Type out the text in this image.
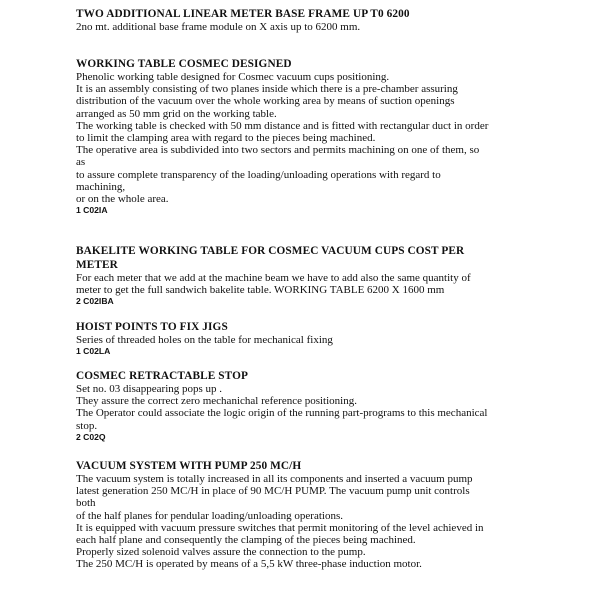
TWO ADDITIONAL LINEAR METER BASE FRAME UP T0 6200

2no mt. additional base frame module on X axis up to 6200 mm.

WORKING TABLE COSMEC DESIGNED

Phenolic working table designed for Cosmec vacuum cups positioning.

It is an assembly consisting of two planes inside which there is a pre-chamber assuring

distribution of the vacuum over the whole working area by means of suction openings

arranged as 50 mm grid on the working table.

The working table is checked with 50 mm distance and is fitted with rectangular duct in order

to limit the clamping area with regard to the pieces being machined.

The operative area is subdivided into two sectors and permits machining on one of them, so

as

to assure complete transparency of the loading/unloading operations with regard to

machining,

or on the whole area.

1 C02IA

BAKELITE WORKING TABLE FOR COSMEC VACUUM CUPS COST PER

METER

For each meter that we add at the machine beam we have to add also the same quantity of

meter to get the full sandwich bakelite table. WORKING TABLE 6200 X 1600 mm

2 C02IBA

HOIST POINTS TO FIX JIGS

Series of threaded holes on the table for mechanical fixing

1 C02LA

COSMEC RETRACTABLE STOP

Set no. 03 disappearing pops up .

They assure the correct zero mechanichal reference positioning.

The Operator could associate the logic origin of the running part-programs to this mechanical

stop.

2 C02Q

VACUUM SYSTEM WITH PUMP 250 MC/H

The vacuum system is totally increased in all its components and inserted a vacuum pump

latest generation 250 MC/H in place of 90 MC/H PUMP. The vacuum pump unit controls

both

of the half planes for pendular loading/unloading operations.

It is equipped with vacuum pressure switches that permit monitoring of the level achieved in

each half plane and consequently the clamping of the pieces being machined.

Properly sized solenoid valves assure the connection to the pump.

The 250 MC/H is operated by means of a 5,5 kW three-phase induction motor.
